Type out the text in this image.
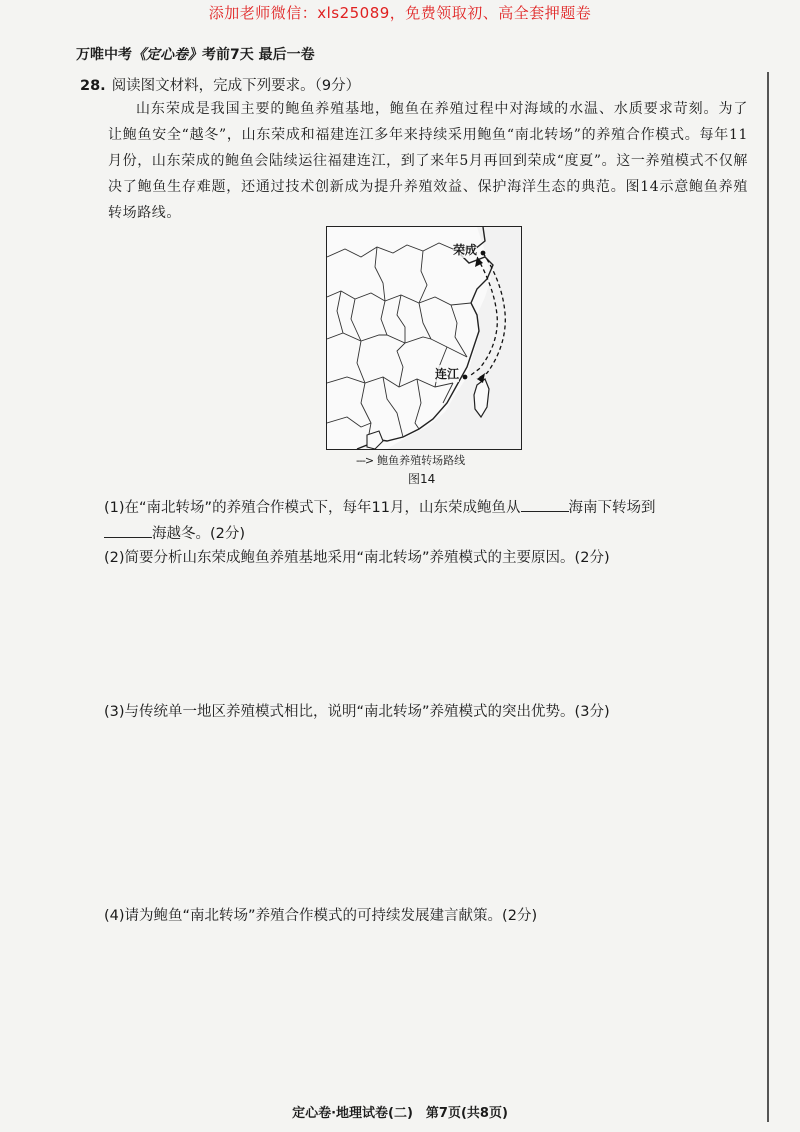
添加老师微信：xls25089，免费领取初、高全套押题卷
万唯中考《定心卷》考前7天 最后一卷
28. 阅读图文材料，完成下列要求。（9分）
山东荣成是我国主要的鲍鱼养殖基地，鲍鱼在养殖过程中对海域的水温、水质要求苛刻。为了让鲍鱼安全“越冬”，山东荣成和福建连江多年来持续采用鲍鱼“南北转场”的养殖合作模式。每年11月份，山东荣成的鲍鱼会陆续运往福建连江，到了来年5月再回到荣成“度夏”。这一养殖模式不仅解决了鲍鱼生存难题，还通过技术创新成为提升养殖效益、保护海洋生态的典范。图14示意鲍鱼养殖转场路线。
荣成
连江
---> 鲍鱼养殖转场路线
图14
(1)在“南北转场”的养殖合作模式下，每年11月，山东荣成鲍鱼从	海南下转场到
海越冬。(2分)
(2)简要分析山东荣成鲍鱼养殖基地采用“南北转场”养殖模式的主要原因。(2分)
(3)与传统单一地区养殖模式相比，说明“南北转场”养殖模式的突出优势。(3分)
(4)请为鲍鱼“南北转场”养殖合作模式的可持续发展建言献策。(2分)
定心卷·地理试卷(二)　第7页(共8页)
